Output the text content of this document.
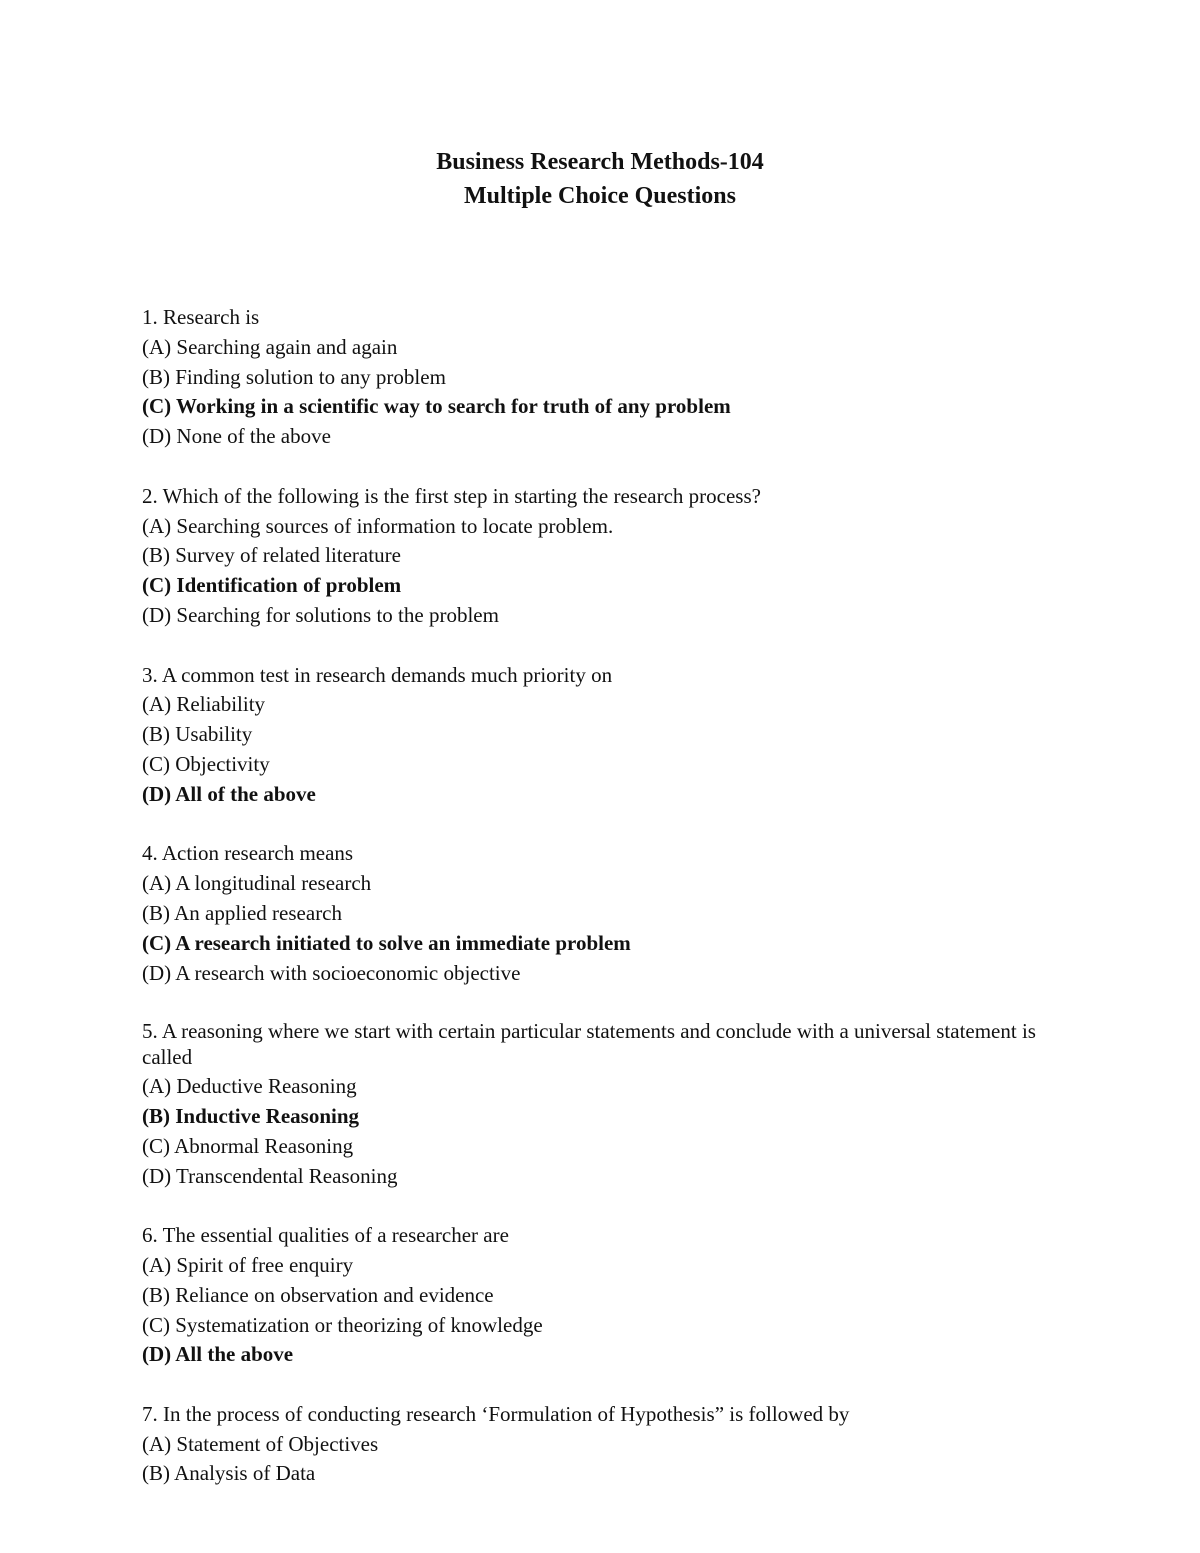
Business Research Methods-104
Multiple Choice Questions
1. Research is
(A) Searching again and again
(B) Finding solution to any problem
(C) Working in a scientific way to search for truth of any problem
(D) None of the above
2. Which of the following is the first step in starting the research process?
(A) Searching sources of information to locate problem.
(B) Survey of related literature
(C) Identification of problem
(D) Searching for solutions to the problem
3. A common test in research demands much priority on
(A) Reliability
(B) Usability
(C) Objectivity
(D) All of the above
4. Action research means
(A) A longitudinal research
(B) An applied research
(C) A research initiated to solve an immediate problem
(D) A research with socioeconomic objective
5. A reasoning where we start with certain particular statements and conclude with a universal statement is called
(A) Deductive Reasoning
(B) Inductive Reasoning
(C) Abnormal Reasoning
(D) Transcendental Reasoning
6. The essential qualities of a researcher are
(A) Spirit of free enquiry
(B) Reliance on observation and evidence
(C) Systematization or theorizing of knowledge
(D) All the above
7. In the process of conducting research ‘Formulation of Hypothesis” is followed by
(A) Statement of Objectives
(B) Analysis of Data
